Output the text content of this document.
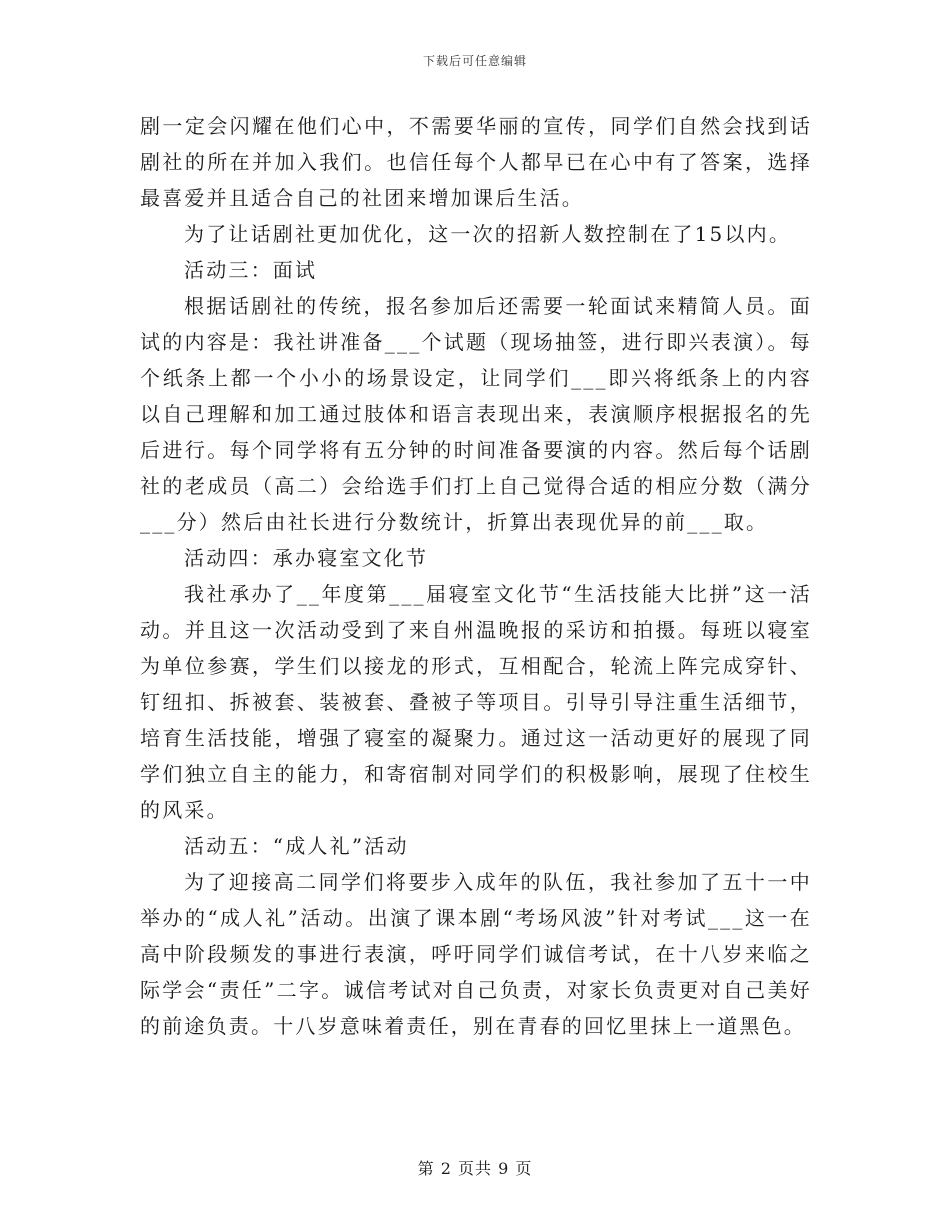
下载后可任意编辑

剧一定会闪耀在他们心中，不需要华丽的宣传，同学们自然会找到话剧社的所在并加入我们。也信任每个人都早已在心中有了答案，选择最喜爱并且适合自己的社团来增加课后生活。

为了让话剧社更加优化，这一次的招新人数控制在了15以内。

活动三：面试

根据话剧社的传统，报名参加后还需要一轮面试来精简人员。面试的内容是：我社讲准备___个试题（现场抽签，进行即兴表演）。每个纸条上都一个小小的场景设定，让同学们___即兴将纸条上的内容以自己理解和加工通过肢体和语言表现出来，表演顺序根据报名的先后进行。每个同学将有五分钟的时间准备要演的内容。然后每个话剧社的老成员（高二）会给选手们打上自己觉得合适的相应分数（满分___分）然后由社长进行分数统计，折算出表现优异的前___取。

活动四：承办寝室文化节

我社承办了__年度第___届寝室文化节“生活技能大比拼”这一活动。并且这一次活动受到了来自州温晚报的采访和拍摄。每班以寝室为单位参赛，学生们以接龙的形式，互相配合，轮流上阵完成穿针、钉纽扣、拆被套、装被套、叠被子等项目。引导引导注重生活细节，培育生活技能，增强了寝室的凝聚力。通过这一活动更好的展现了同学们独立自主的能力，和寄宿制对同学们的积极影响，展现了住校生的风采。

活动五：“成人礼”活动

为了迎接高二同学们将要步入成年的队伍，我社参加了五十一中举办的“成人礼”活动。出演了课本剧“考场风波”针对考试___这一在高中阶段频发的事进行表演，呼吁同学们诚信考试，在十八岁来临之际学会“责任”二字。诚信考试对自己负责，对家长负责更对自己美好的前途负责。十八岁意味着责任，别在青春的回忆里抹上一道黑色。

第 2 页共 9 页
